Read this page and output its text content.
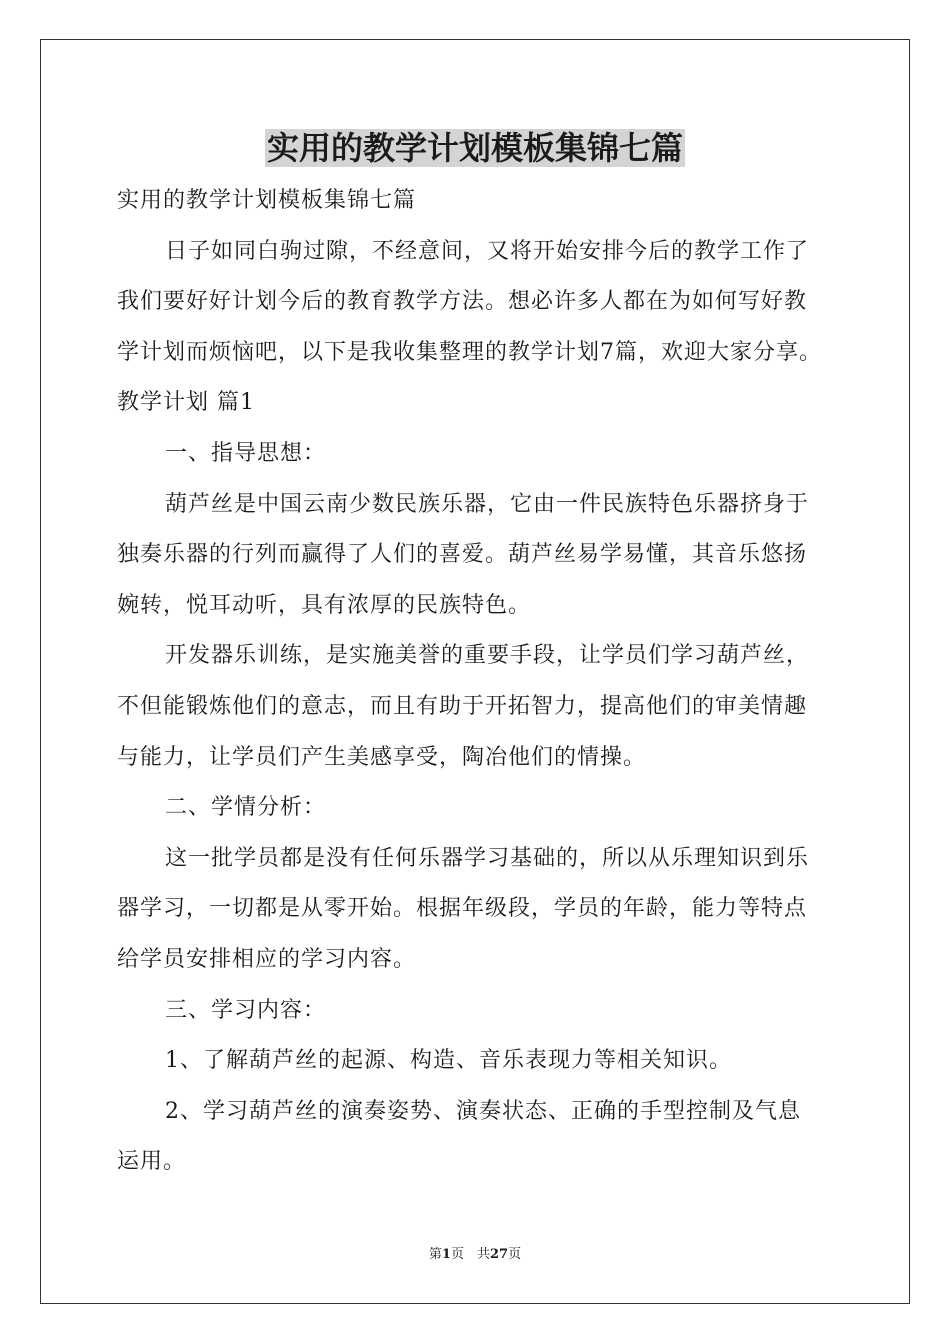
实用的教学计划模板集锦七篇

实用的教学计划模板集锦七篇

日子如同白驹过隙，不经意间，又将开始安排今后的教学工作了

我们要好好计划今后的教育教学方法。想必许多人都在为如何写好教

学计划而烦恼吧，以下是我收集整理的教学计划7篇，欢迎大家分享。

教学计划 篇1

一、指导思想：

葫芦丝是中国云南少数民族乐器，它由一件民族特色乐器挤身于

独奏乐器的行列而赢得了人们的喜爱。葫芦丝易学易懂，其音乐悠扬

婉转，悦耳动听，具有浓厚的民族特色。

开发器乐训练，是实施美誉的重要手段，让学员们学习葫芦丝，

不但能锻炼他们的意志，而且有助于开拓智力，提高他们的审美情趣

与能力，让学员们产生美感享受，陶冶他们的情操。

二、学情分析：

这一批学员都是没有任何乐器学习基础的，所以从乐理知识到乐

器学习，一切都是从零开始。根据年级段，学员的年龄，能力等特点

给学员安排相应的学习内容。

三、学习内容：

1、了解葫芦丝的起源、构造、音乐表现力等相关知识。

2、学习葫芦丝的演奏姿势、演奏状态、正确的手型控制及气息

运用。

第1页　共27页
